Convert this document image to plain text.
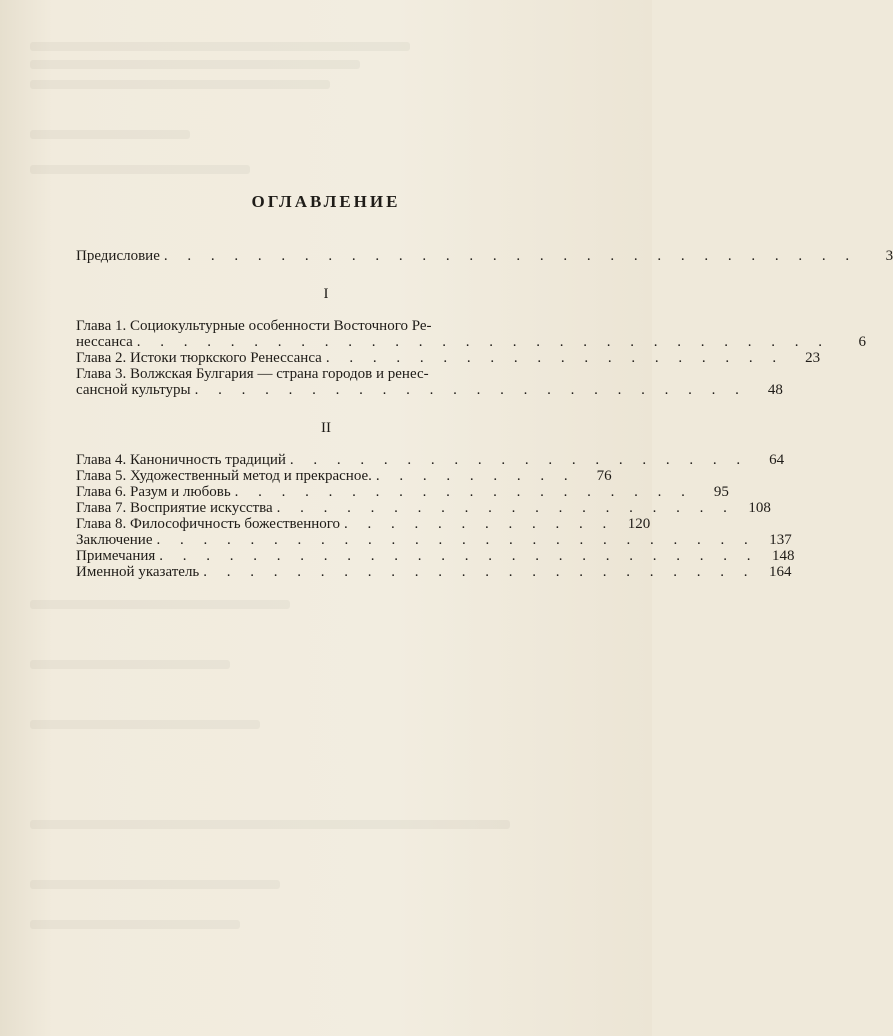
ОГЛАВЛЕНИЕ
Предисловие . . . . . . . . . . . . . . . . . . . . . . . . . . . . . .	3
I
Глава 1. Социокультурные особенности Восточного Ре-
нессанса . . . . . . . . . . . . . . . . . . . . . . . . . . . . . .	6
Глава 2. Истоки тюркского Ренессанса . . . . . . . . . . . . . . . . . . . .	23
Глава 3. Волжская Булгария — страна городов и ренес-
сансной культуры . . . . . . . . . . . . . . . . . . . . . . . .	48
II
Глава 4. Каноничность традиций . . . . . . . . . . . . . . . . . . . .	64
Глава 5. Художественный метод и прекрасное. . . . . . . . . .	76
Глава 6. Разум и любовь . . . . . . . . . . . . . . . . . . . .	95
Глава 7. Восприятие искусства . . . . . . . . . . . . . . . . . . . . 108
Глава 8. Философичность божественного . . . . . . . . . . . . 120
Заключение . . . . . . . . . . . . . . . . . . . . . . . . . . 137
Примечания . . . . . . . . . . . . . . . . . . . . . . . . . . 148
Именной указатель . . . . . . . . . . . . . . . . . . . . . . . . 164
